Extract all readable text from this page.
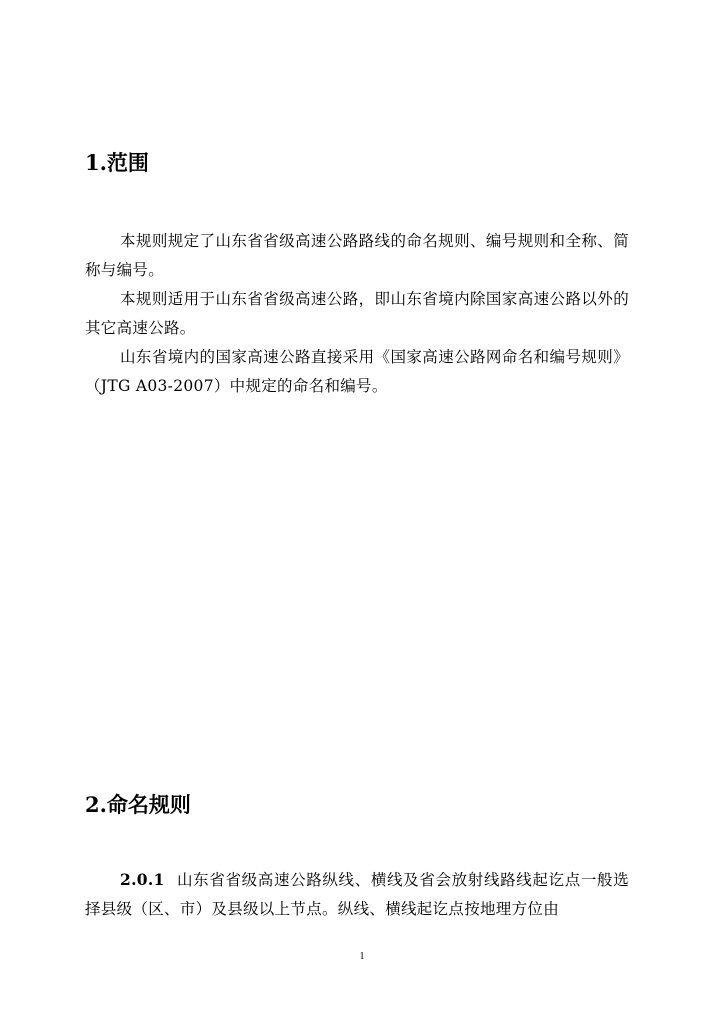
1.范围

本规则规定了山东省省级高速公路路线的命名规则、编号规则和全称、简称与编号。

本规则适用于山东省省级高速公路，即山东省境内除国家高速公路以外的其它高速公路。

山东省境内的国家高速公路直接采用《国家高速公路网命名和编号规则》（JTG A03-2007）中规定的命名和编号。

2.命名规则

2.0.1 山东省省级高速公路纵线、横线及省会放射线路线起讫点一般选择县级（区、市）及县级以上节点。纵线、横线起讫点按地理方位由

1
